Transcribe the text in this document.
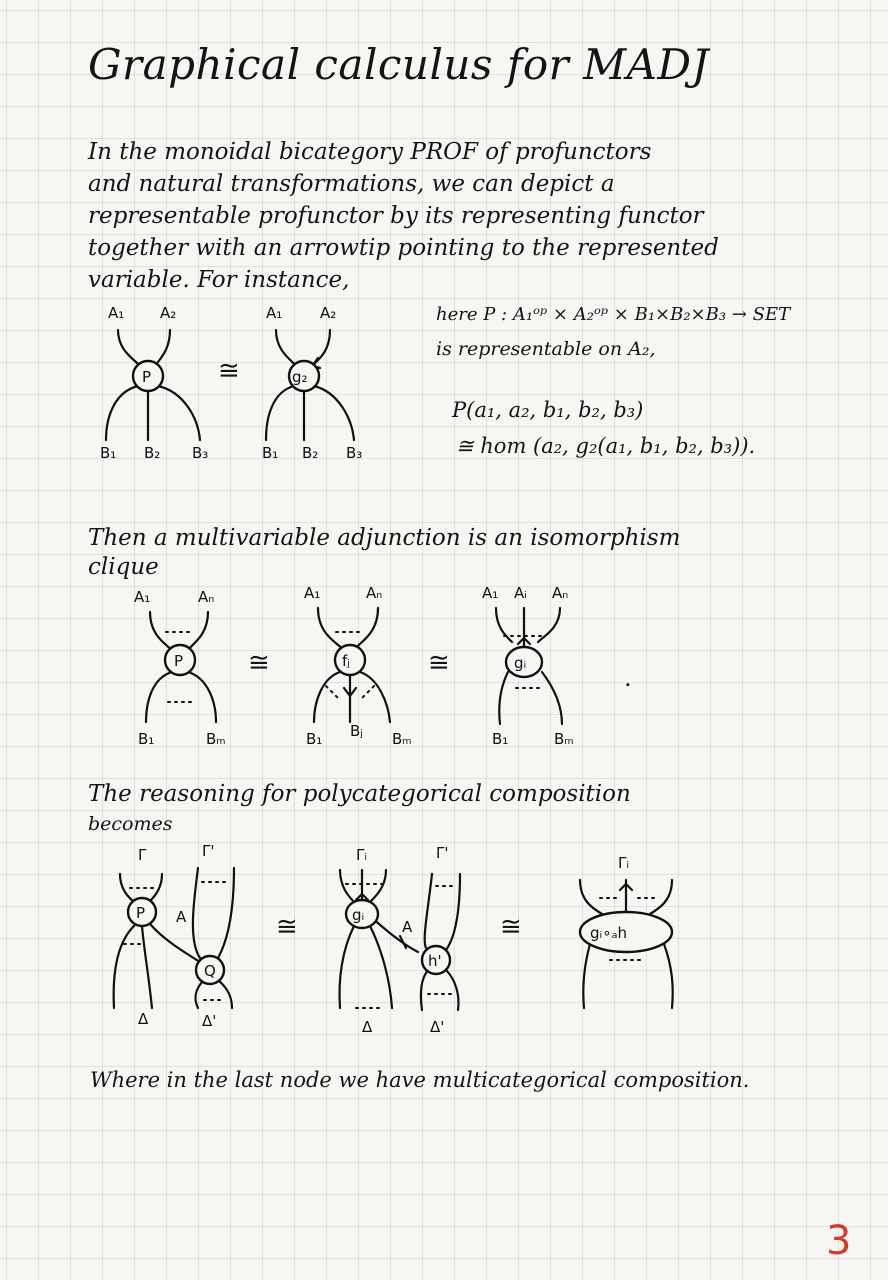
Graphical calculus for MADJ
In the monoidal bicategory PROF of profunctors
and natural transformations, we can depict a
representable profunctor by its representing functor
together with an arrowtip pointing to the represented
variable. For instance,
A₁ A₂
P
B₁ B₂ B₃
≅
A₁	A₂
g₂
B₁ B₂ B₃
here P : A₁ᵒᵖ × A₂ᵒᵖ × B₁×B₂×B₃ → SET
is representable on A₂,
P(a₁, a₂, b₁, b₂, b₃)
≅ hom (a₂, g₂(a₁, b₁, b₂, b₃)).
Then a multivariable adjunction is an isomorphism
clique
A₁	Aₙ
P
B₁	Bₘ
≅
A₁	Aₙ
fⱼ
B₁ Bⱼ Bₘ
≅
A₁ Aᵢ Aₙ
gᵢ
B₁	Bₘ
.
The reasoning for polycategorical composition
becomes
Γ	Γ'
P
Q
A
Δ	Δ'
≅
Γᵢ	Γ'
gᵢ
h'
A
Δ	Δ'
≅
Γᵢ
gᵢ∘ₐh
Where in the last node we have multicategorical composition.
3
